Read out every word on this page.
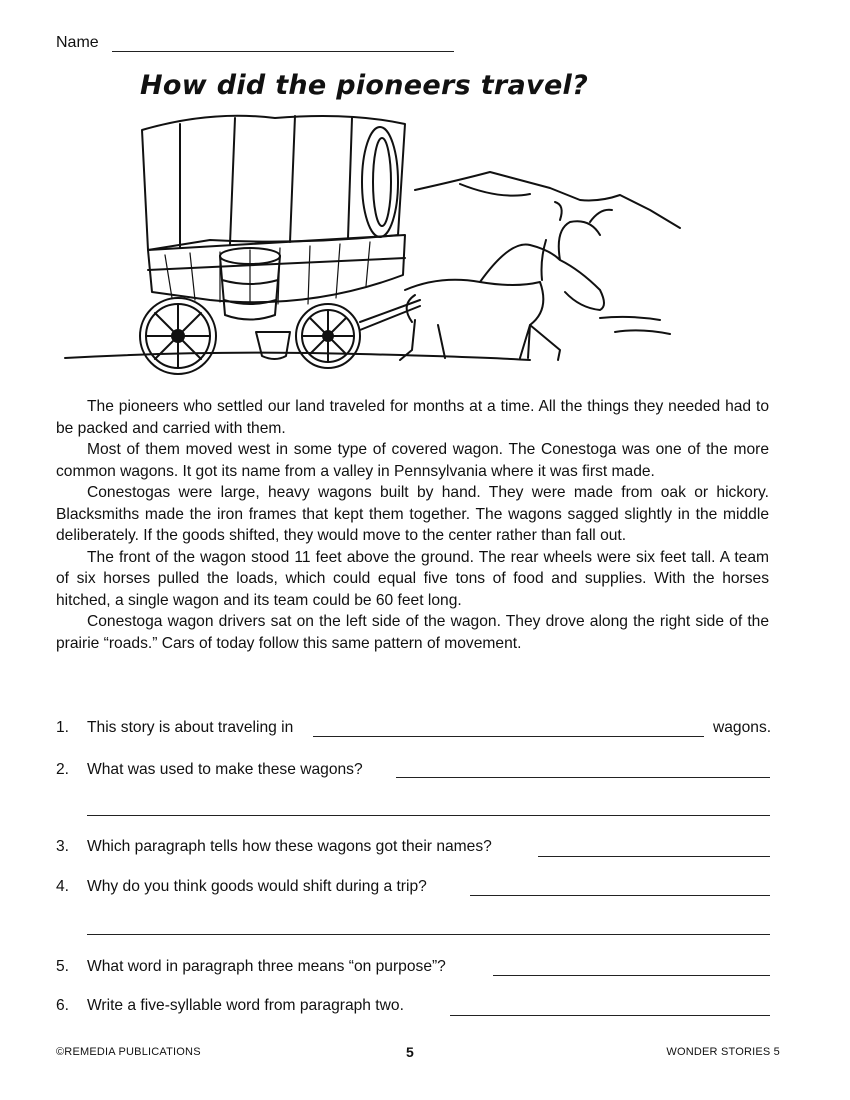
Name
How did the pioneers travel?

The pioneers who settled our land traveled for months at a time. All the things they needed had to be packed and carried with them.

Most of them moved west in some type of covered wagon. The Conestoga was one of the more common wagons. It got its name from a valley in Pennsylvania where it was first made.

Conestogas were large, heavy wagons built by hand. They were made from oak or hickory. Blacksmiths made the iron frames that kept them together. The wagons sagged slightly in the middle deliberately. If the goods shifted, they would move to the center rather than fall out.

The front of the wagon stood 11 feet above the ground. The rear wheels were six feet tall. A team of six horses pulled the loads, which could equal five tons of food and supplies. With the horses hitched, a single wagon and its team could be 60 feet long.

Conestoga wagon drivers sat on the left side of the wagon. They drove along the right side of the prairie “roads.” Cars of today follow this same pattern of movement.

1.	This story is about traveling in	wagons.
2.	What was used to make these wagons?
3.	Which paragraph tells how these wagons got their names?
4.	Why do you think goods would shift during a trip?
5.	What word in paragraph three means “on purpose”?
6.	Write a five-syllable word from paragraph two.
©REMEDIA PUBLICATIONS	5	WONDER STORIES 5
